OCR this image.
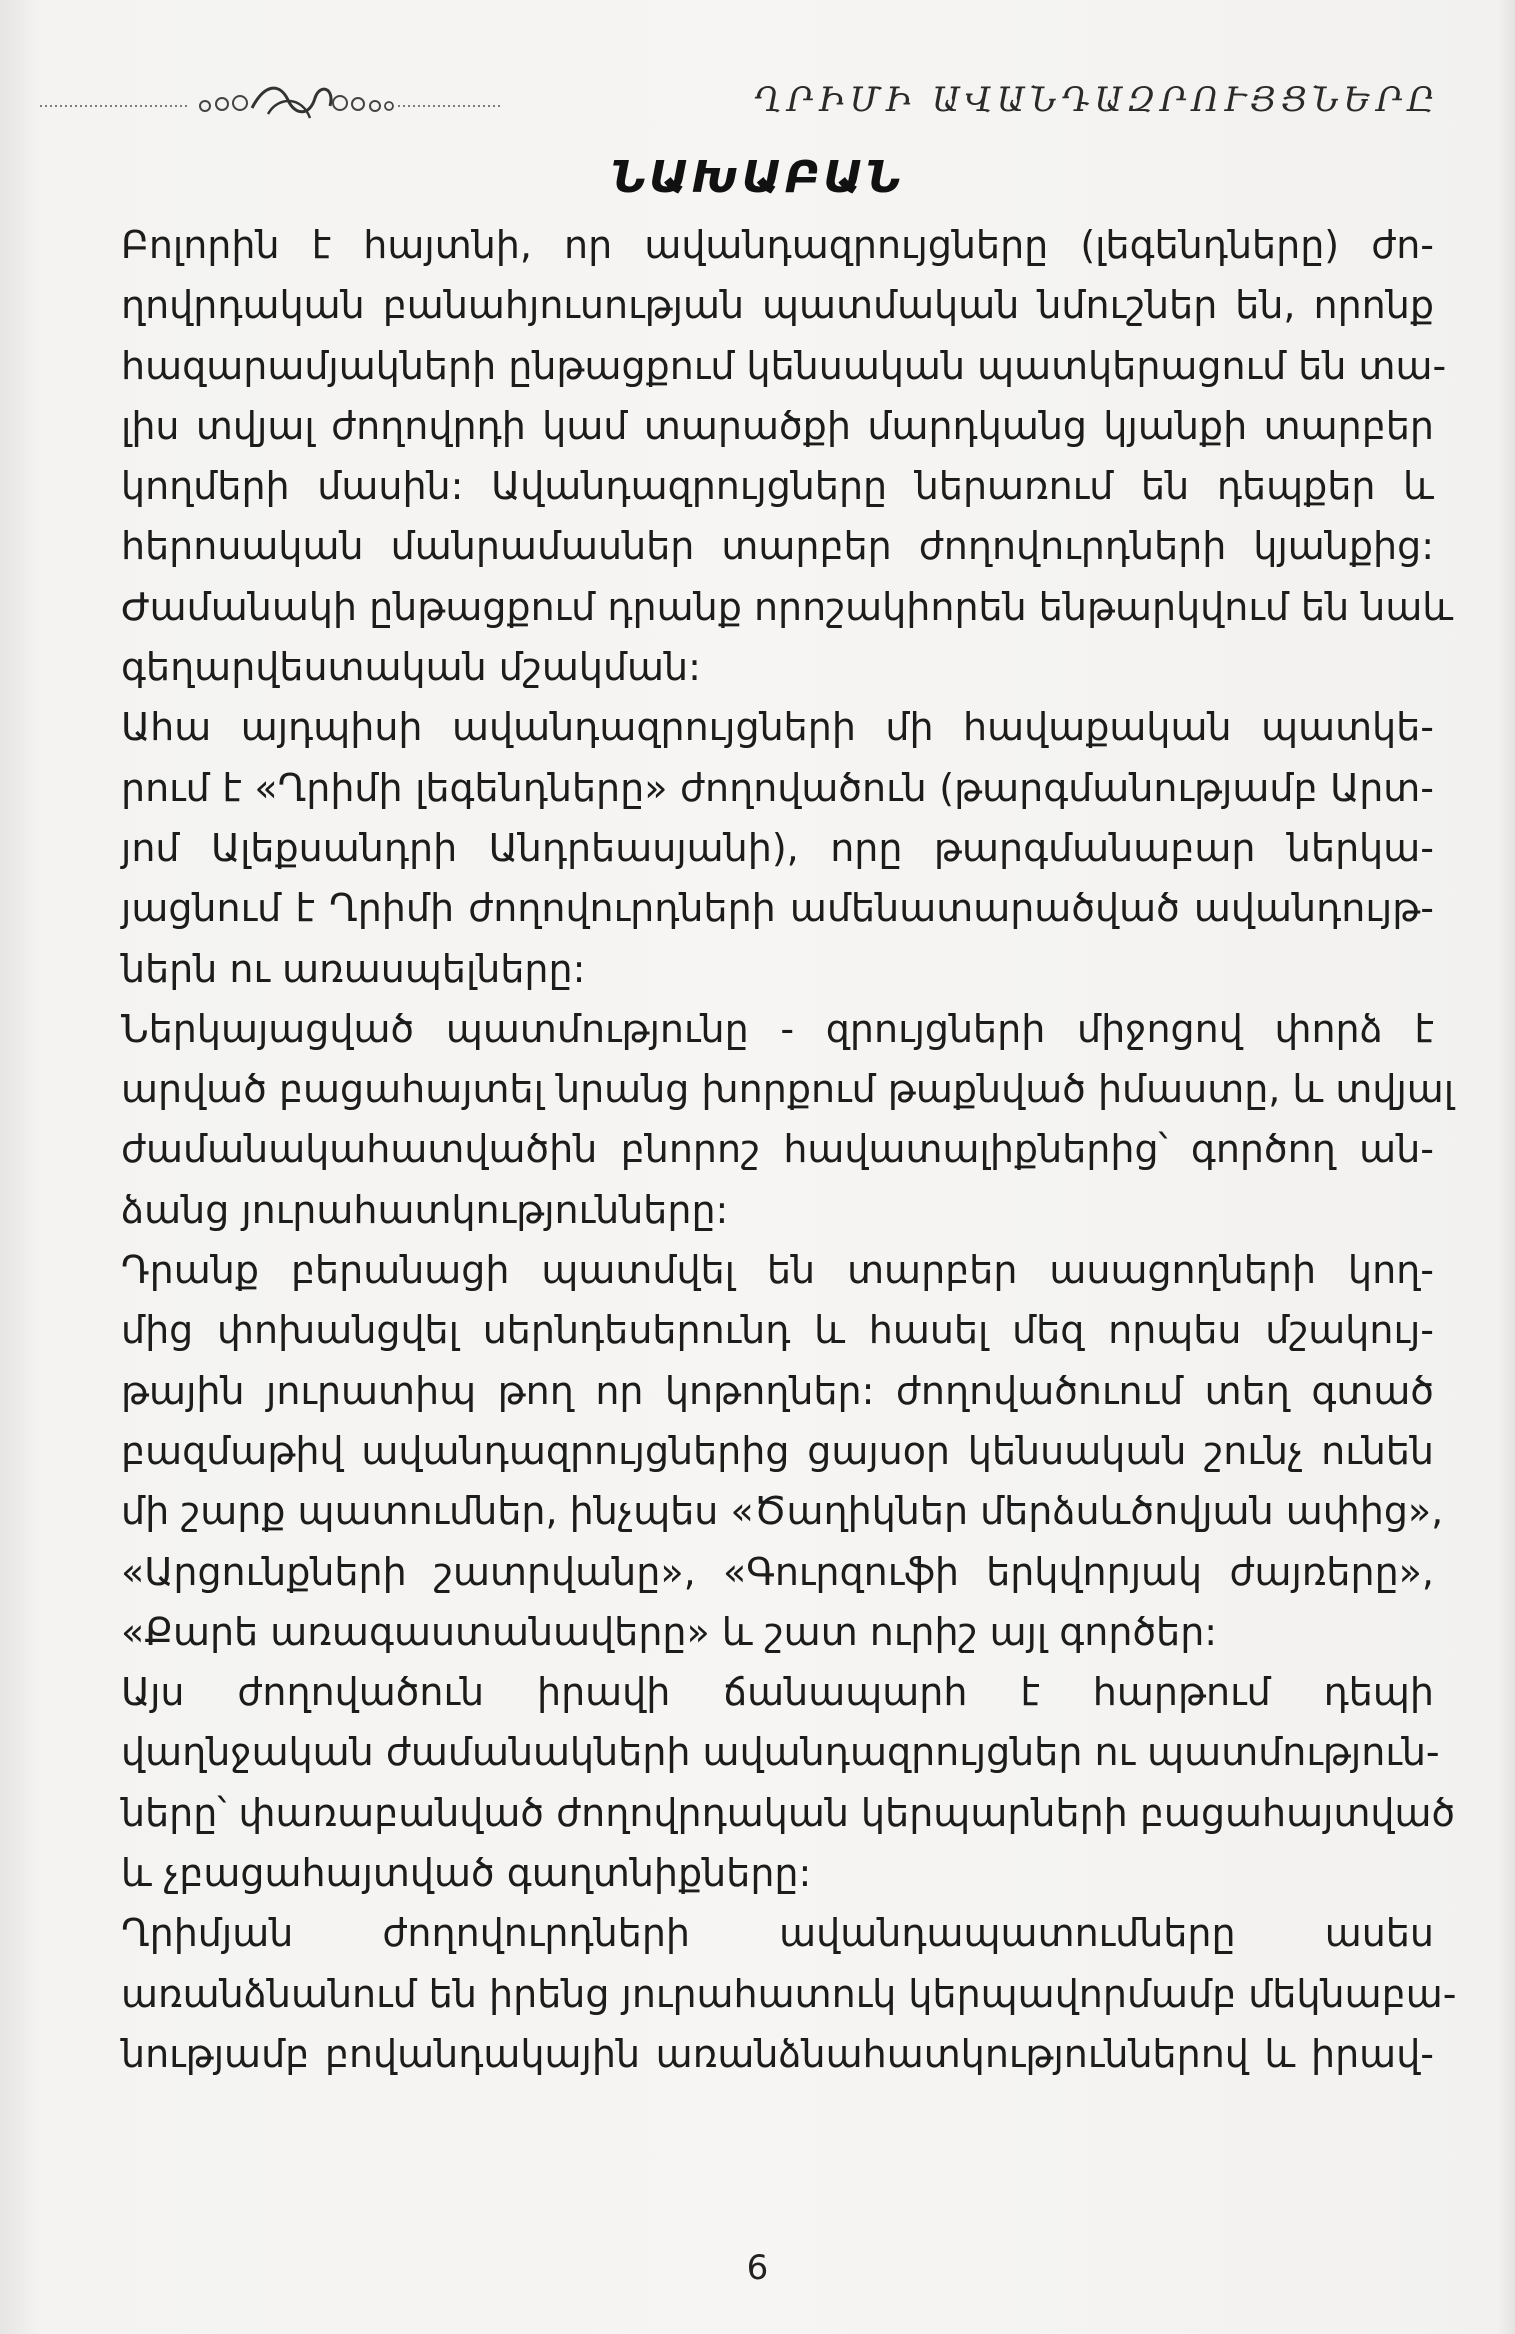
ՂՐԻՄԻ ԱՎԱՆԴԱԶՐՈՒՅՑՆԵՐԸ
ՆԱԽԱԲԱՆ

Բոլորին է հայտնի, որ ավանդազրույցները (լեգենդները) ժո-
ղովրդական բանահյուսության պատմական նմուշներ են, որոնք
հազարամյակների ընթացքում կենսական պատկերացում են տա-
լիս տվյալ ժողովրդի կամ տարածքի մարդկանց կյանքի տարբեր
կողմերի մասին: Ավանդազրույցները ներառում են դեպքեր և
հերոսական մանրամասներ տարբեր ժողովուրդների կյանքից:
Ժամանակի ընթացքում դրանք որոշակիորեն ենթարկվում են նաև
գեղարվեստական մշակման:

Ահա այդպիսի ավանդազրույցների մի հավաքական պատկե-
րում է «Ղրիմի լեգենդները» ժողովածուն (թարգմանությամբ Արտ-
յոմ Ալեքսանդրի Անդրեասյանի), որը թարգմանաբար ներկա-
յացնում է Ղրիմի ժողովուրդների ամենատարածված ավանդույթ-
ներն ու առասպելները:

Ներկայացված պատմությունը - զրույցների միջոցով փորձ է
արված բացահայտել նրանց խորքում թաքնված իմաստը, և տվյալ
ժամանակահատվածին բնորոշ հավատալիքներից՝ գործող ան-
ձանց յուրահատկությունները:

Դրանք բերանացի պատմվել են տարբեր ասացողների կող-
մից փոխանցվել սերնդեսերունդ և հասել մեզ որպես մշակույ-
թային յուրատիպ թող որ կոթողներ: ժողովածուում տեղ գտած
բազմաթիվ ավանդազրույցներից ցայսօր կենսական շունչ ունեն
մի շարք պատումներ, ինչպես «Ծաղիկներ մերձսևծովյան ափից»,
«Արցունքների շատրվանը», «Գուրզուֆի երկվորյակ ժայռերը»,
«Քարե առագաստանավերը» և շատ ուրիշ այլ գործեր:

Այս ժողովածուն իրավի ճանապարհ է հարթում դեպի
վաղնջական ժամանակների ավանդազրույցներ ու պատմություն-
ները՝ փառաբանված ժողովրդական կերպարների բացահայտված
և չբացահայտված գաղտնիքները:

Ղրիմյան ժողովուրդների ավանդապատումները ասես
առանձնանում են իրենց յուրահատուկ կերպավորմամբ մեկնաբա-
նությամբ բովանդակային առանձնահատկություններով և իրավ-

6
